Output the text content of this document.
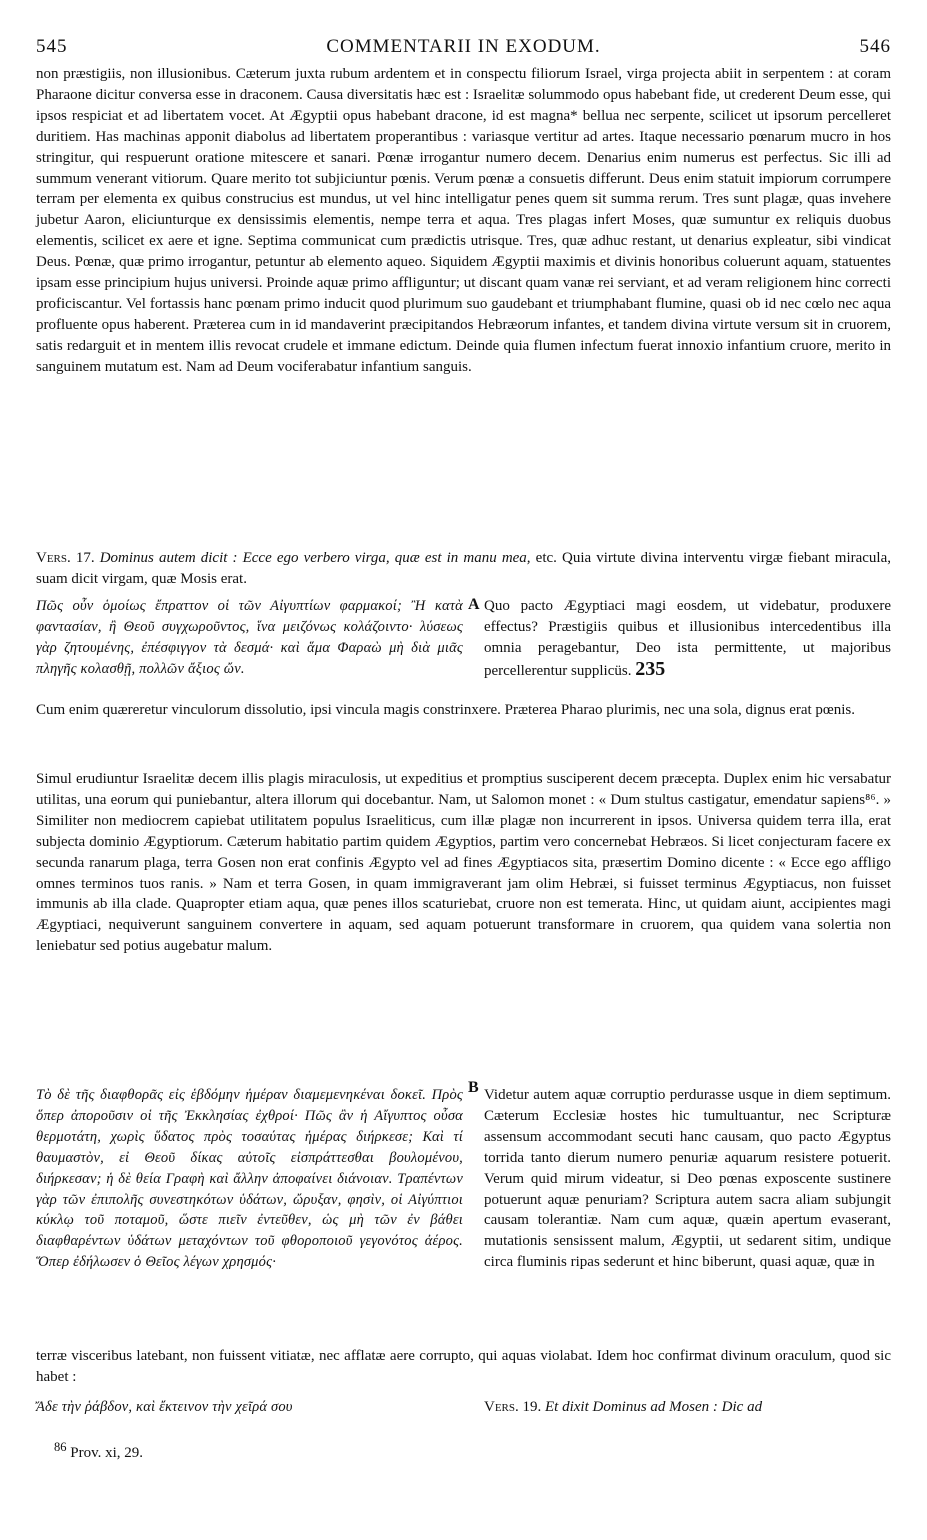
545	COMMENTARII IN EXODUM.	546

non præstigiis, non illusionibus. Cæterum juxta rubum ardentem et in conspectu filiorum Israel, virga projecta abiit in serpentem : at coram Pharaone dicitur conversa esse in draconem. Causa diversitatis hæc est : Israelitæ solummodo opus habebant fide, ut crederent Deum esse, qui ipsos respiciat et ad libertatem vocet. At Ægyptii opus habebant dracone, id est magna* bellua nec serpente, scilicet ut ipsorum percelleret duritiem. Has machinas apponit diabolus ad libertatem properantibus : variasque vertitur ad artes. Itaque necessario pœnarum mucro in hos stringitur, qui respuerunt oratione mitescere et sanari. Pœnæ irrogantur numero decem. Denarius enim numerus est perfectus. Sic illi ad summum venerant vitiorum. Quare merito tot subjiciuntur pœnis. Verum pœnæ a consuetis differunt. Deus enim statuit impiorum corrumpere terram per elementa ex quibus construcius est mundus, ut vel hinc intelligatur penes quem sit summa rerum. Tres sunt plagæ, quas invehere jubetur Aaron, eliciunturque ex densissimis elementis, nempe terra et aqua. Tres plagas infert Moses, quæ sumuntur ex reliquis duobus elementis, scilicet ex aere et igne. Septima communicat cum prædictis utrisque. Tres, quæ adhuc restant, ut denarius expleatur, sibi vindicat Deus. Pœnæ, quæ primo irrogantur, petuntur ab elemento aqueo. Siquidem Ægyptii maximis et divinis honoribus coluerunt aquam, statuentes ipsam esse principium hujus universi. Proinde aquæ primo affliguntur; ut discant quam vanæ rei serviant, et ad veram religionem hinc correcti proficiscantur. Vel fortassis hanc pœnam primo inducit quod plurimum suo gaudebant et triumphabant flumine, quasi ob id nec cœlo nec aqua profluente opus haberent. Præterea cum in id mandaverint præcipitandos Hebræorum infantes, et tandem divina virtute versum sit in cruorem, satis redarguit et in mentem illis revocat crudele et immane edictum. Deinde quia flumen infectum fuerat innoxio infantium cruore, merito in sanguinem mutatum est. Nam ad Deum vociferabatur infantium sanguis.

Vers. 17. Dominus autem dicit : Ecce ego verbero virga, quæ est in manu mea, etc. Quia virtute divina interventu virgæ fiebant miracula, suam dicit virgam, quæ Mosis erat.

Πῶς οὖν ὁμοίως ἔπραττον οἱ τῶν Αἰγυπτίων φαρμακοί; Ἢ κατὰ φαντασίαν, ἢ Θεοῦ συγχωροῦντος, ἵνα μειζόνως κολάζοιντο· λύσεως γὰρ ζητουμένης, ἐπέσφιγγον τὰ δεσμά· καὶ ἅμα Φαραὼ μὴ διὰ μιᾶς πληγῆς κολασθῇ, πολλῶν ἄξιος ὤν.
A Quo pacto Ægyptiaci magi eosdem, ut videbatur, produxere effectus? Præstigiis quibus et illusionibus intercedentibus illa omnia peragebantur, Deo ista permittente, ut majoribus percellerentur supplicüs. 235

Cum enim quæreretur vinculorum dissolutio, ipsi vincula magis constrinxere. Præterea Pharao plurimis, nec una sola, dignus erat pœnis.

Simul erudiuntur Israelitæ decem illis plagis miraculosis, ut expeditius et promptius susciperent decem præcepta. Duplex enim hic versabatur utilitas, una eorum qui puniebantur, altera illorum qui docebantur. Nam, ut Salomon monet : « Dum stultus castigatur, emendatur sapiens⁸⁶. » Similiter non mediocrem capiebat utilitatem populus Israeliticus, cum illæ plagæ non incurrerent in ipsos. Universa quidem terra illa, erat subjecta dominio Ægyptiorum. Cæterum habitatio partim quidem Ægyptios, partim vero concernebat Hebræos. Si licet conjecturam facere ex secunda ranarum plaga, terra Gosen non erat confinis Ægypto vel ad fines Ægyptiacos sita, præsertim Domino dicente : « Ecce ego affligo omnes terminos tuos ranis. » Nam et terra Gosen, in quam immigraverant jam olim Hebræi, si fuisset terminus Ægyptiacus, non fuisset immunis ab illa clade. Quapropter etiam aqua, quæ penes illos scaturiebat, cruore non est temerata. Hinc, ut quidam aiunt, accipientes magi Ægyptiaci, nequiverunt sanguinem convertere in aquam, sed aquam potuerunt transformare in cruorem, qua quidem vana solertia non leniebatur sed potius augebatur malum.

Τὸ δὲ τῆς διαφθορᾶς εἰς ἑβδόμην ἡμέραν διαμεμενηκέναι δοκεῖ. Πρὸς ὅπερ ἀποροῦσιν οἱ τῆς Ἐκκλησίας ἐχθροί· Πῶς ἂν ἡ Αἴγυπτος οὖσα θερμοτάτη, χωρὶς ὕδατος πρὸς τοσαύτας ἡμέρας διήρκεσε; Καὶ τί θαυμαστὸν, εἰ Θεοῦ δίκας αὐτοῖς εἰσπράττεσθαι βουλομένου, διήρκεσαν; ἡ δὲ θεία Γραφὴ καὶ ἄλλην ἀποφαίνει διάνοιαν. Τραπέντων γὰρ τῶν ἐπιπολῆς συνεστηκότων ὑδάτων, ὤρυξαν, φησὶν, οἱ Αἰγύπτιοι κύκλῳ τοῦ ποταμοῦ, ὥστε πιεῖν ἐντεῦθεν, ὡς μὴ τῶν ἐν βάθει διαφθαρέντων ὑδάτων μεταχόντων τοῦ φθοροποιοῦ γεγονότος ἀέρος. Ὅπερ ἐδήλωσεν ὁ Θεῖος λέγων χρησμός·
B Videtur autem aquæ corruptio perdurasse usque in diem septimum. Cæterum Ecclesiæ hostes hic tumultuantur, nec Scripturæ assensum accommodant secuti hanc causam, quo pacto Ægyptus torrida tanto dierum numero penuriæ aquarum resistere potuerit. Verum quid mirum videatur, si Deo pœnas exposcente sustinere potuerunt aquæ penuriam? Scriptura autem sacra aliam subjungit causam tolerantiæ. Nam cum aquæ, quæin apertum evaserant, mutationis sensissent malum, Ægyptii, ut sedarent sitim, undique circa fluminis ripas sederunt et hinc biberunt, quasi aquæ, quæ in

terræ visceribus latebant, non fuissent vitiatæ, nec afflatæ aere corrupto, qui aquas violabat. Idem hoc confirmat divinum oraculum, quod sic habet :

Ἄδε τὴν ῥάβδον, καὶ ἔκτεινον τὴν χεῖρά σου	Vers. 19. Et dixit Dominus ad Mosen : Dic ad
$^{86}$ Prov. xi, 29.
